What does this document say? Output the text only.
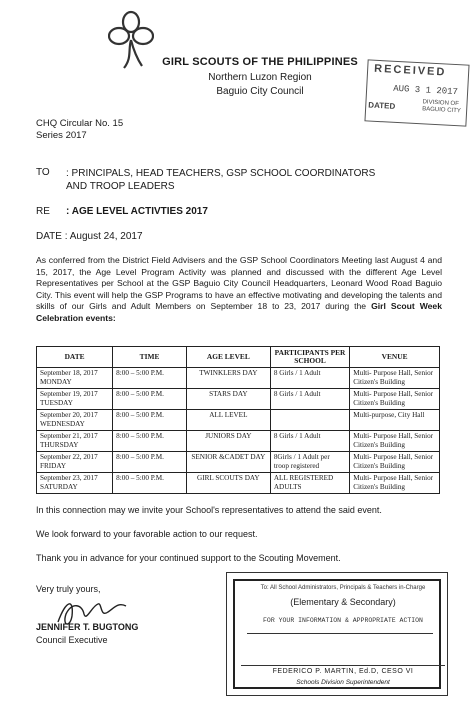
GIRL SCOUTS OF THE PHILIPPINES
Northern Luzon Region
Baguio City Council
RECEIVED
AUG 3 1 2017
DATED	DIVISION OF BAGUIO CITY
CHQ Circular No. 15
Series 2017
TO : PRINCIPALS, HEAD TEACHERS, GSP SCHOOL COORDINATORS AND TROOP LEADERS
RE : AGE LEVEL ACTIVTIES 2017
DATE : August 24, 2017
As conferred from the District Field Advisers and the GSP School Coordinators Meeting last August 4 and 15, 2017, the Age Level Program Activity was planned and discussed with the different Age Level Representatives per School at the GSP Baguio City Council Headquarters, Leonard Wood Road Baguio City. This event will help the GSP Programs to have an effective motivating and developing the talents and skills of our Girls and Adult Members on September 18 to 23, 2017 during the Girl Scout Week Celebration events:
DATE	TIME	AGE LEVEL	PARTICIPANTS PER SCHOOL	VENUE

September 18, 2017
MONDAY	8:00 – 5:00 P.M.	TWINKLERS DAY	8 Girls / 1 Adult	Multi- Purpose Hall, Senior Citizen's Building

September 19, 2017
TUESDAY	8:00 – 5:00 P.M.	STARS DAY	8 Girls / 1 Adult	Multi- Purpose Hall, Senior Citizen's Building

September 20, 2017
WEDNESDAY	8:00 – 5:00 P.M.	ALL LEVEL		Multi-purpose, City Hall

September 21, 2017
THURSDAY	8:00 – 5:00 P.M.	JUNIORS DAY	8 Girls / 1 Adult	Multi- Purpose Hall, Senior Citizen's Building

September 22, 2017
FRIDAY	8:00 – 5:00 P.M.	SENIOR &CADET DAY	8Girls / 1 Adult per troop registered	Multi- Purpose Hall, Senior Citizen's Building

September 23, 2017
SATURDAY	8:00 – 5:00 P.M.	GIRL SCOUTS DAY	ALL REGISTERED ADULTS	Multi- Purpose Hall, Senior Citizen's Building
In this connection may we invite your School's representatives to attend the said event.
We look forward to your favorable action to our request.
Thank you in advance for your continued support to the Scouting Movement.
Very truly yours,
JENNIFER T. BUGTONG
Council Executive
To: All School Administrators, Principals & Teachers in-Charge
(Elementary & Secondary)
FOR YOUR INFORMATION & APPROPRIATE ACTION
FEDERICO P. MARTIN, Ed.D, CESO VI
Schools Division Superintendent
